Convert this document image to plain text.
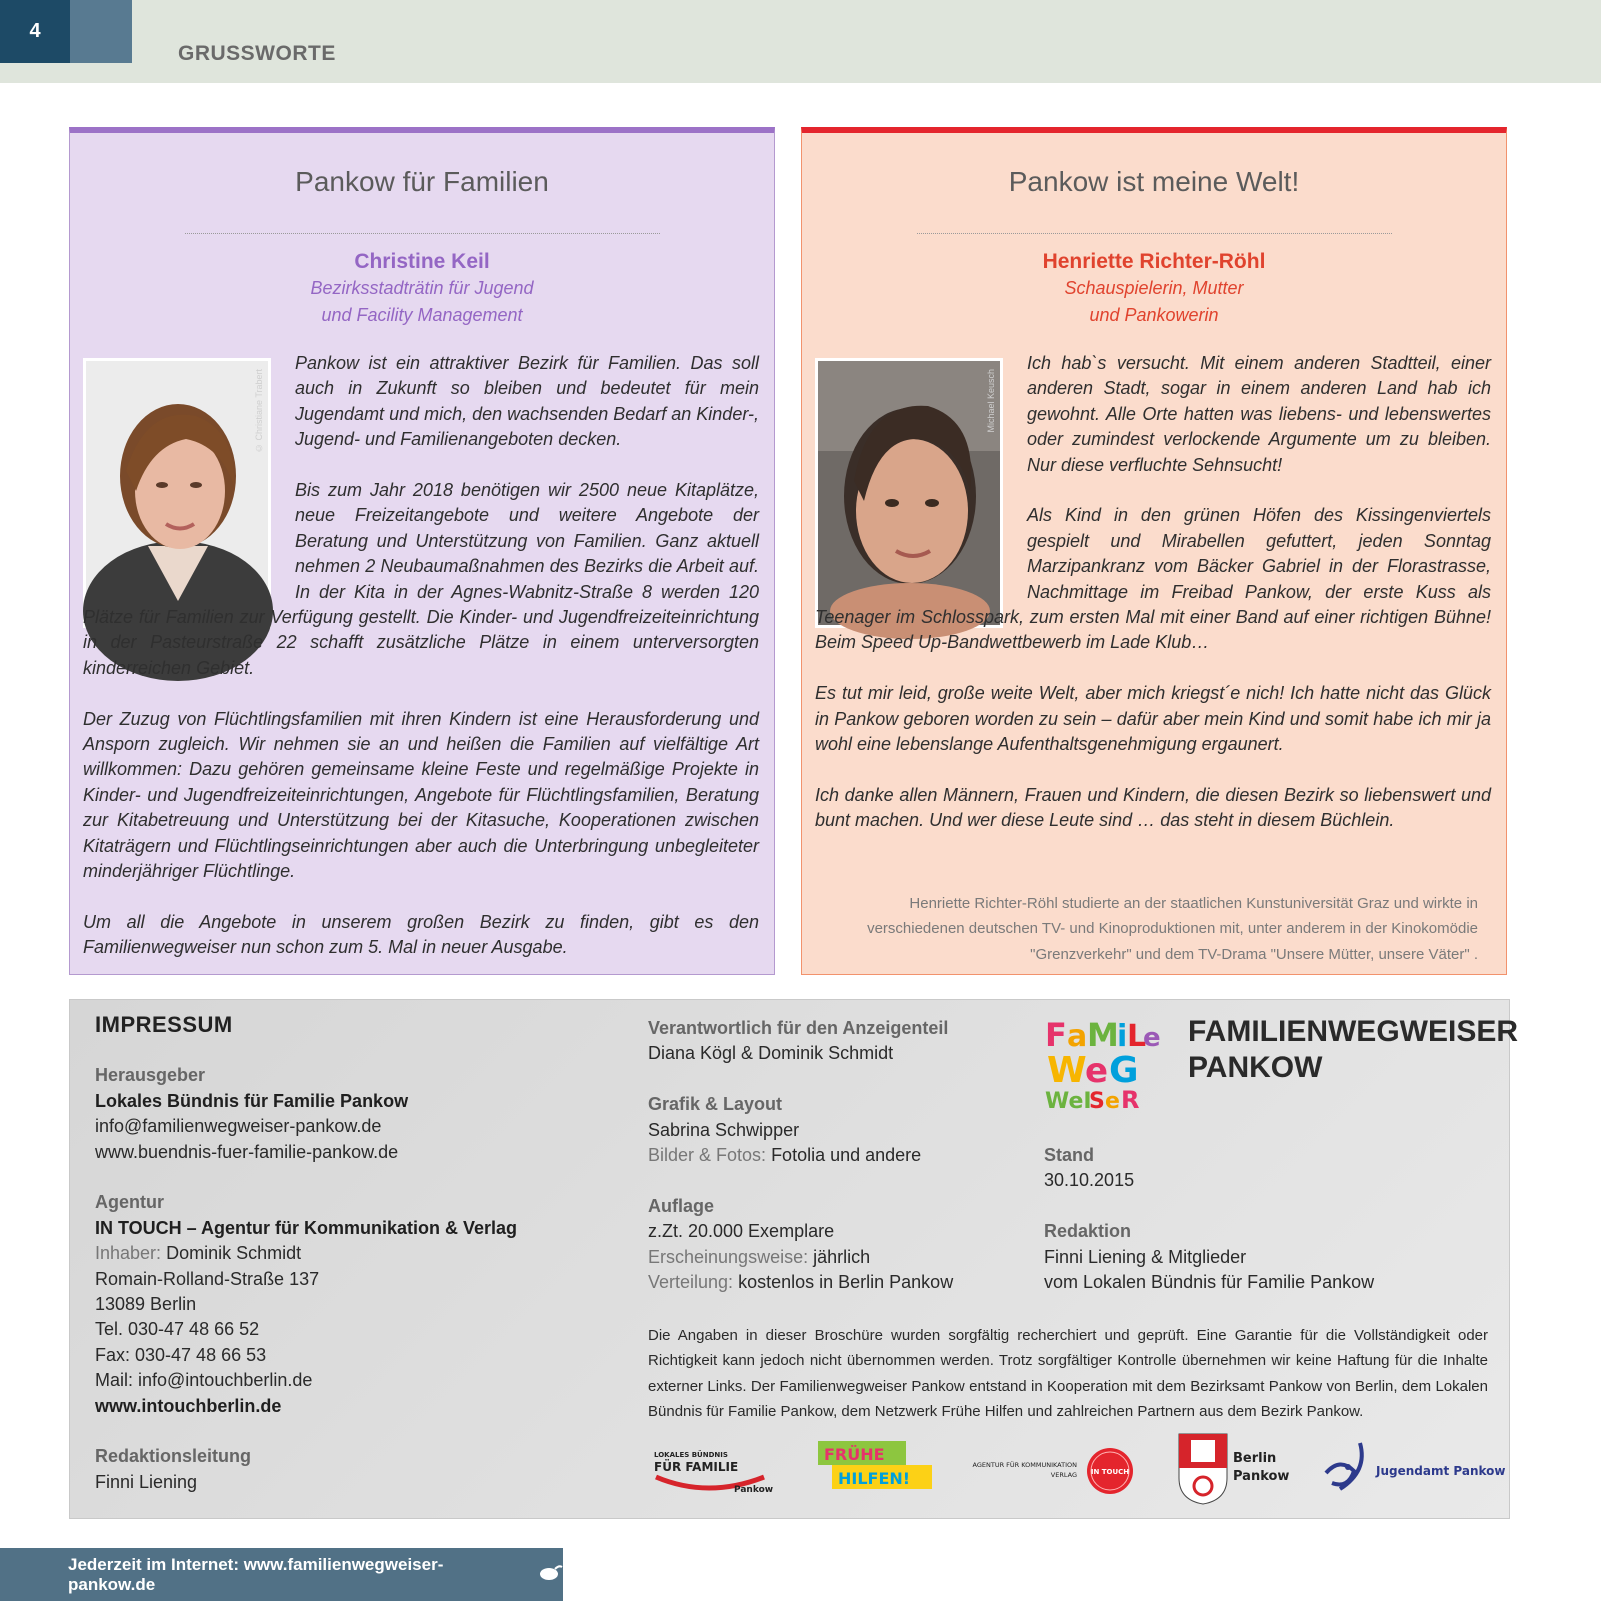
4
GRUSSWORTE
Pankow für Familien
Christine Keil
Bezirksstadträtin für Jugend
und Facility Management
© Christiane Trabert

Pankow ist ein attraktiver Bezirk für Familien. Das soll auch in Zukunft so bleiben und bedeutet für mein Jugendamt und mich, den wachsenden Bedarf an Kinder-, Jugend- und Familienangeboten decken.

Bis zum Jahr 2018 benötigen wir 2500 neue Kitaplätze, neue Freizeitangebote und weitere Angebote der Beratung und Unterstützung von Familien. Ganz aktuell nehmen 2 Neubaumaßnahmen des Bezirks die Arbeit auf. In der Kita in der Agnes-Wabnitz-Straße 8 werden 120 Plätze für Familien zur Verfügung gestellt. Die Kinder- und Jugendfreizeiteinrichtung in der Pasteurstraße 22 schafft zusätzliche Plätze in einem unterversorgten kinderreichen Gebiet.

Der Zuzug von Flüchtlingsfamilien mit ihren Kindern ist eine Herausforderung und Ansporn zugleich. Wir nehmen sie an und heißen die Familien auf vielfältige Art willkommen: Dazu gehören gemeinsame kleine Feste und regelmäßige Projekte in Kinder- und Jugendfreizeiteinrichtungen, Angebote für Flüchtlingsfamilien, Beratung zur Kitabetreuung und Unterstützung bei der Kitasuche, Kooperationen zwischen Kitaträgern und Flüchtlingseinrichtungen aber auch die Unterbringung unbegleiteter minderjähriger Flüchtlinge.

Um all die Angebote in unserem großen Bezirk zu finden, gibt es den Familienwegweiser nun schon zum 5. Mal in neuer Ausgabe.

Pankow ist meine Welt!
Henriette Richter-Röhl
Schauspielerin, Mutter
und Pankowerin
Michael Keusch

Ich hab`s versucht. Mit einem anderen Stadtteil, einer anderen Stadt, sogar in einem anderen Land hab ich gewohnt. Alle Orte hatten was liebens- und lebenswertes oder zumindest verlockende Argumente um zu bleiben. Nur diese verfluchte Sehnsucht!

Als Kind in den grünen Höfen des Kissingenviertels gespielt und Mirabellen gefuttert, jeden Sonntag Marzipankranz vom Bäcker Gabriel in der Florastrasse, Nachmittage im Freibad Pankow, der erste Kuss als Teenager im Schlosspark, zum ersten Mal mit einer Band auf einer richtigen Bühne! Beim Speed Up-Bandwettbewerb im Lade Klub…

Es tut mir leid, große weite Welt, aber mich kriegst´e nich! Ich hatte nicht das Glück in Pankow geboren worden zu sein – dafür aber mein Kind und somit habe ich mir ja wohl eine lebenslange Aufenthaltsgenehmigung ergaunert.

Ich danke allen Männern, Frauen und Kindern, die diesen Bezirk so liebenswert und bunt machen. Und wer diese Leute sind … das steht in diesem Büchlein.

Henriette Richter-Röhl studierte an der staatlichen Kunstuniversität Graz und wirkte in verschiedenen deutschen TV- und Kinoproduktionen mit, unter anderem in der Kinokomödie "Grenzverkehr" und dem TV-Drama "Unsere Mütter, unsere Väter" .
IMPRESSUM
Herausgeber
Lokales Bündnis für Familie Pankow
info@familienwegweiser-pankow.de
www.buendnis-fuer-familie-pankow.de
Agentur
IN TOUCH – Agentur für Kommunikation & Verlag
Inhaber: Dominik Schmidt
Romain-Rolland-Straße 137
13089 Berlin
Tel. 030-47 48 66 52
Fax: 030-47 48 66 53
Mail: info@intouchberlin.de
www.intouchberlin.de
Redaktionsleitung
Finni Liening
Verantwortlich für den Anzeigenteil
Diana Kögl & Dominik Schmidt
Grafik & Layout
Sabrina Schwipper
Bilder & Fotos: Fotolia und andere
Auflage
z.Zt. 20.000 Exemplare
Erscheinungsweise: jährlich
Verteilung: kostenlos in Berlin Pankow
F a M
i L
e
W
e G
WeI
S e R
FAMILIENWEGWEISER
PANKOW
Stand
30.10.2015
Redaktion
Finni Liening & Mitglieder
vom Lokalen Bündnis für Familie Pankow
Die Angaben in dieser Broschüre wurden sorgfältig recherchiert und geprüft. Eine Garantie für die Vollständigkeit oder Richtigkeit kann jedoch nicht übernommen werden. Trotz sorgfältiger Kontrolle übernehmen wir keine Haftung für die Inhalte externer Links. Der Familienwegweiser Pankow entstand in Kooperation mit dem Bezirksamt Pankow von Berlin, dem Lokalen Bündnis für Familie Pankow, dem Netzwerk Frühe Hilfen und zahlreichen Partnern aus dem Bezirk Pankow.
LOKALES BÜNDNIS
FÜR FAMILIE
Pankow
FRÜHE
HILFEN!
AGENTUR FÜR KOMMUNIKATION
VERLAG IN TOUCH
Berlin
Pankow	Jugendamt Pankow
Jederzeit im Internet: www.familienwegweiser-pankow.de
